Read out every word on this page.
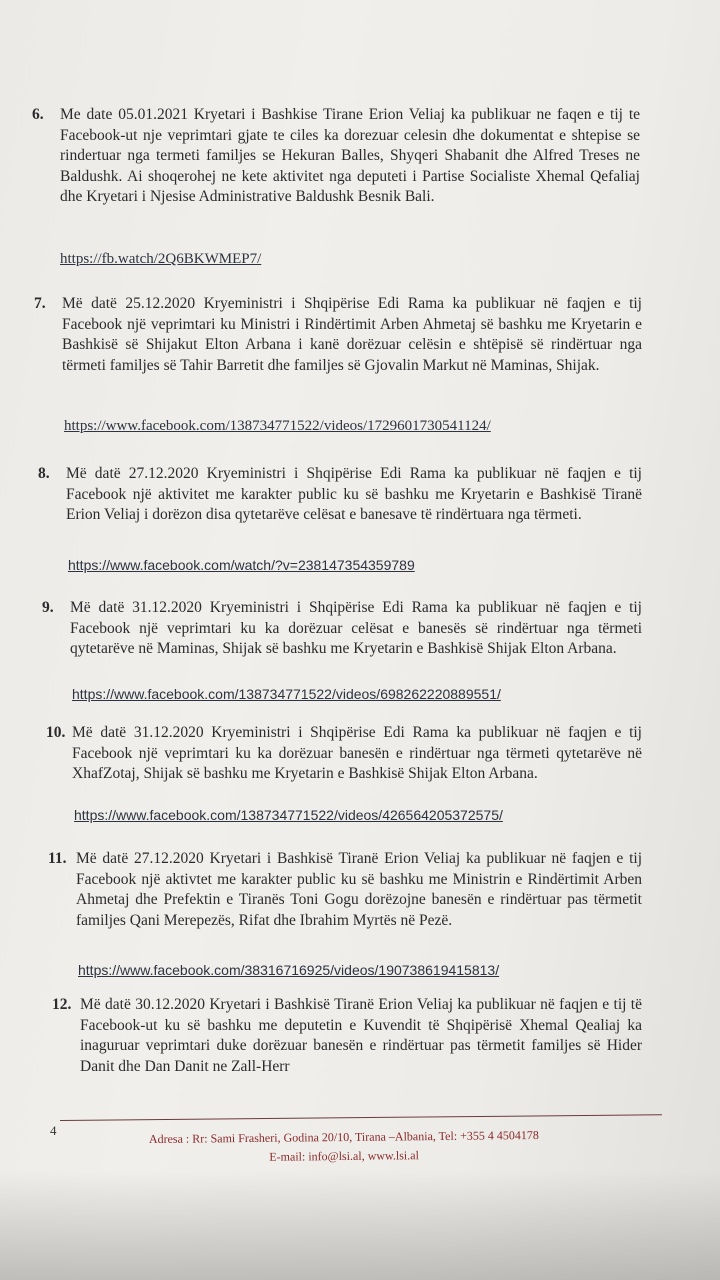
6. Me date 05.01.2021 Kryetari i Bashkise Tirane Erion Veliaj ka publikuar ne faqen e tij te Facebook-ut nje veprimtari gjate te ciles ka dorezuar celesin dhe dokumentat e shtepise se rindertuar nga termeti familjes se Hekuran Balles, Shyqeri Shabanit dhe Alfred Treses ne Baldushk. Ai shoqerohej ne kete aktivitet nga deputeti i Partise Socialiste Xhemal Qefaliaj dhe Kryetari i Njesise Administrative Baldushk Besnik Bali.
https://fb.watch/2Q6BKWMEP7/
7. Më datë 25.12.2020 Kryeministri i Shqipërise Edi Rama ka publikuar në faqjen e tij Facebook një veprimtari ku Ministri i Rindërtimit Arben Ahmetaj së bashku me Kryetarin e Bashkisë së Shijakut Elton Arbana i kanë dorëzuar celësin e shtëpisë së rindërtuar nga tërmeti familjes së Tahir Barretit dhe familjes së Gjovalin Markut në Maminas, Shijak.
https://www.facebook.com/138734771522/videos/1729601730541124/
8. Më datë 27.12.2020 Kryeministri i Shqipërise Edi Rama ka publikuar në faqjen e tij Facebook një aktivitet me karakter public ku së bashku me Kryetarin e Bashkisë Tiranë Erion Veliaj i dorëzon disa qytetarëve celësat e banesave të rindërtuara nga tërmeti.
https://www.facebook.com/watch/?v=238147354359789
9. Më datë 31.12.2020 Kryeministri i Shqipërise Edi Rama ka publikuar në faqjen e tij Facebook një veprimtari ku ka dorëzuar celësat e banesës së rindërtuar nga tërmeti qytetarëve në Maminas, Shijak së bashku me Kryetarin e Bashkisë Shijak Elton Arbana.
https://www.facebook.com/138734771522/videos/698262220889551/
10. Më datë 31.12.2020 Kryeministri i Shqipërise Edi Rama ka publikuar në faqjen e tij Facebook një veprimtari ku ka dorëzuar banesën e rindërtuar nga tërmeti qytetarëve në XhafZotaj, Shijak së bashku me Kryetarin e Bashkisë Shijak Elton Arbana.
https://www.facebook.com/138734771522/videos/426564205372575/
11. Më datë 27.12.2020 Kryetari i Bashkisë Tiranë Erion Veliaj ka publikuar në faqjen e tij Facebook një aktivtet me karakter public ku së bashku me Ministrin e Rindërtimit Arben Ahmetaj dhe Prefektin e Tiranës Toni Gogu dorëzojne banesën e rindërtuar pas tërmetit familjes Qani Merepezës, Rifat dhe Ibrahim Myrtës në Pezë.
https://www.facebook.com/38316716925/videos/190738619415813/
12. Më datë 30.12.2020 Kryetari i Bashkisë Tiranë Erion Veliaj ka publikuar në faqjen e tij të Facebook-ut ku së bashku me deputetin e Kuvendit të Shqipërisë Xhemal Qealiaj ka inaguruar veprimtari duke dorëzuar banesën e rindërtuar pas tërmetit familjes së Hider Danit dhe Dan Danit ne Zall-Herr
4	Adresa : Rr: Sami Frasheri, Godina 20/10, Tirana –Albania, Tel: +355 4 4504178
E-mail: info@lsi.al, www.lsi.al
